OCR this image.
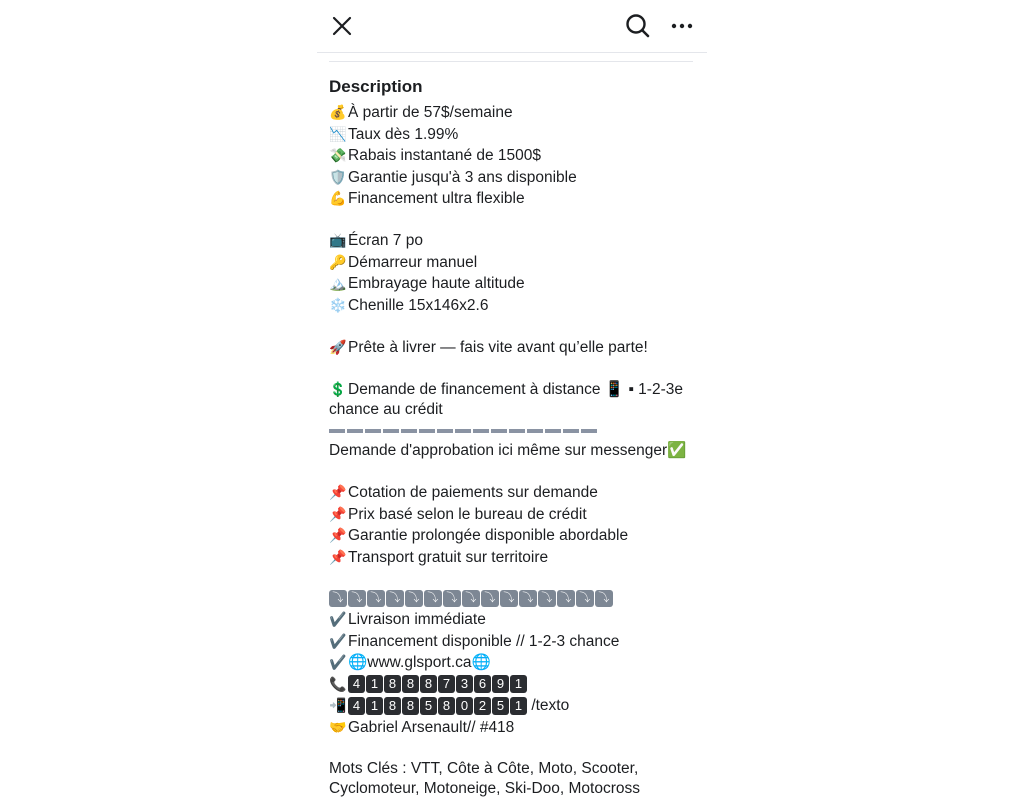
Description
💰 À partir de 57$/semaine
📉 Taux dès 1.99%
💸 Rabais instantané de 1500$
🛡️ Garantie jusqu'à 3 ans disponible
💪 Financement ultra flexible
📺 Écran 7 po
🔑 Démarreur manuel
🏔️ Embrayage haute altitude
❄️ Chenille 15x146x2.6
🚀 Prête à livrer — fais vite avant qu’elle parte!
💲 Demande de financement à distance 📱 ▪ 1-2-3e
chance au crédit
Demande d'approbation ici même sur messenger✅
📌 Cotation de paiements sur demande
📌 Prix basé selon le bureau de crédit
📌 Garantie prolongée disponible abordable
📌 Transport gratuit sur territoire
⤵ ⤵ ⤵ ⤵ ⤵ ⤵ ⤵ ⤵ ⤵ ⤵ ⤵ ⤵ ⤵ ⤵ ⤵
✔️ Livraison immédiate
✔️ Financement disponible // 1-2-3 chance
✔️ 🌐www.glsport.ca🌐
📞 4 1 8 8 8 7 3 6 9 1
📲 4 1 8 8 5 8 0 2 5 1 /texto
🤝 Gabriel Arsenault// #418
Mots Clés : VTT, Côte à Côte, Moto, Scooter,
Cyclomoteur, Motoneige, Ski-Doo, Motocross
